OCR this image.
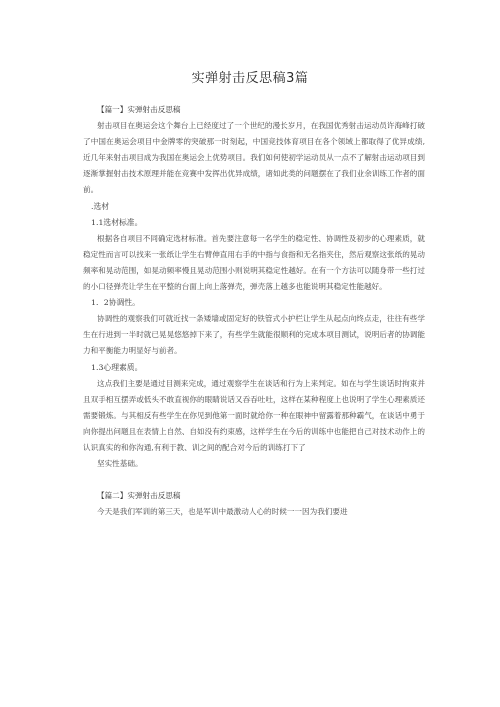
实弹射击反思稿3篇

【篇一】实弹射击反思稿

射击项目在奥运会这个舞台上已经度过了一个世纪的漫长岁月，在我国优秀射击运动员许海峰打破了中国在奥运会项目中金牌零的突破那一时刻起，中国竞技体育项目在各个领域上都取得了优异成绩,近几年来射击项目成为我国在奥运会上优势项目。我们如何使初学运动员从一点不了解射击运动项目到逐渐掌握射击技术原理并能在竞赛中发挥出优异成绩，诸如此类的问题摆在了我们业余训练工作者的面前。

.选材

1.1选材标准。

根据各自项目不同确定选材标准。首先要注意每一名学生的稳定性、协调性及初步的心理素质，就稳定性而言可以找来一张纸让学生右臂伸直用右手的中指与食指和无名指夹住，然后观察这张纸的晃动频率和晃动范围，如晃动频率慢且晃动范围小则说明其稳定性越好。在有一个方法可以随身带一些打过的小口径弹壳让学生在平整的台面上向上落弹壳，弹壳落上越多也能说明其稳定性能越好。

1．2协调性。

协调性的观察我们可就近找一条矮墙或固定好的铁管式小护栏让学生从起点向终点走，往往有些学生在行进到一半时就已晃晃悠悠掉下来了，有些学生就能很顺利的完成本项目测试，说明后者的协调能力和平衡能力明显好与前者。

1.3心理素质。

这点我们主要是通过目测来完成，通过观察学生在谈话和行为上来判定。如在与学生谈话时拘束并且双手相互摆弄或低头不敢直视你的眼睛说话又吞吞吐吐，这样在某种程度上也说明了学生心理素质还需要锻炼。与其相反有些学生在你见到他第一面时就给你一种在眼神中留露着那种霸气，在谈话中勇于向你提出问题且在表情上自然、自如没有约束感，这样学生在今后的训练中也能把自己对技术动作上的认识真实的和你沟通,有利于教、训之间的配合对今后的训练打下了

坚实性基础。

【篇二】实弹射击反思稿

今天是我们军训的第三天，也是军训中最激动人心的时候一一因为我们要进
